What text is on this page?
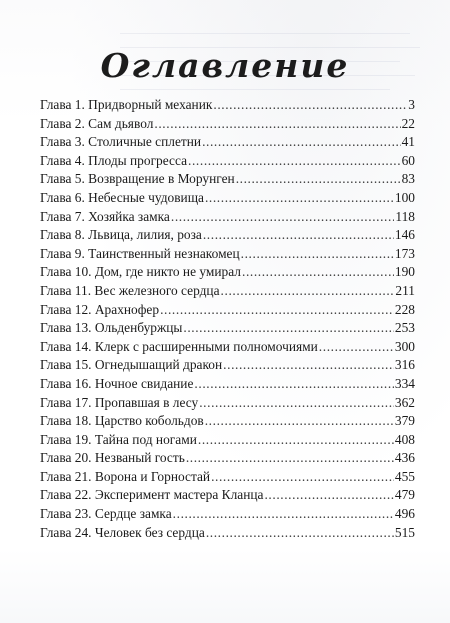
Оглавление
Глава 1. Придворный механик .....	3
Глава 2. Сам дьявол .....	22
Глава 3. Столичные сплетни .....	41
Глава 4. Плоды прогресса .....	60
Глава 5. Возвращение в Морунген .....	83
Глава 6. Небесные чудовища .....	100
Глава 7. Хозяйка замка .....	118
Глава 8. Львица, лилия, роза .....	146
Глава 9. Таинственный незнакомец .....	173
Глава 10. Дом, где никто не умирал .....	190
Глава 11. Вес железного сердца .....	211
Глава 12. Арахнофер .....	228
Глава 13. Ольденбуржцы .....	253
Глава 14. Клерк с расширенными полномочиями .....	300
Глава 15. Огнедышащий дракон .....	316
Глава 16. Ночное свидание .....	334
Глава 17. Пропавшая в лесу .....	362
Глава 18. Царство кобольдов .....	379
Глава 19. Тайна под ногами .....	408
Глава 20. Незваный гость .....	436
Глава 21. Ворона и Горностай .....	455
Глава 22. Эксперимент мастера Кланца .....	479
Глава 23. Сердце замка .....	496
Глава 24. Человек без сердца .....	515
